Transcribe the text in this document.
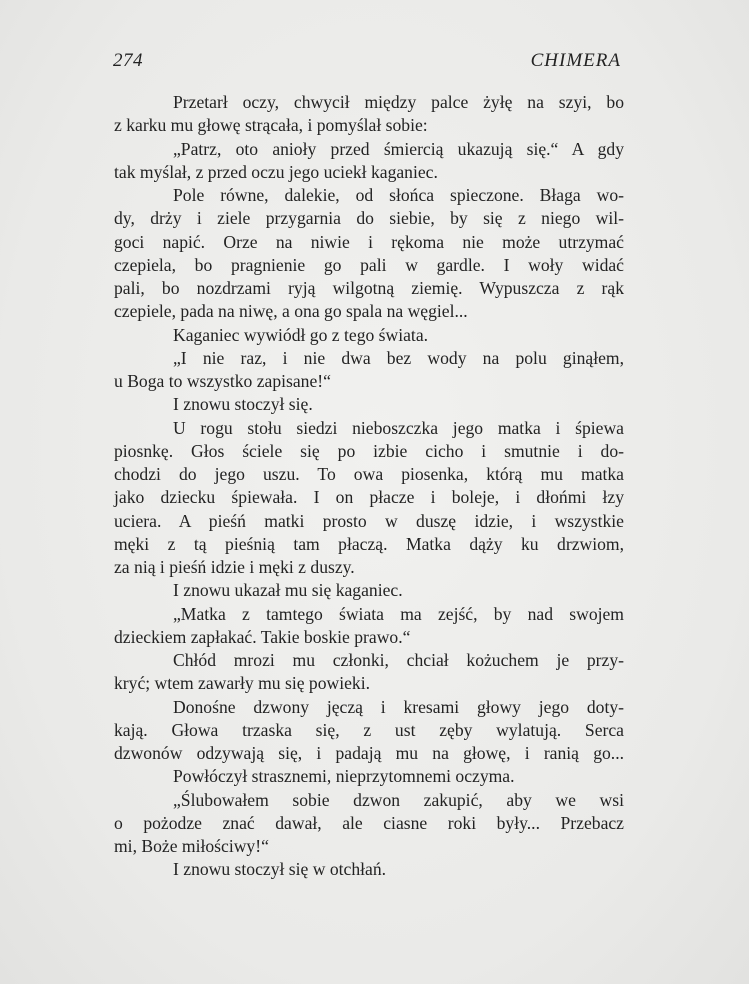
274	CHIMERA
Przetarł oczy, chwycił między palce żyłę na szyi, bo
z karku mu głowę strącała, i pomyślał sobie:
„Patrz, oto anioły przed śmiercią ukazują się.“ A gdy
tak myślał, z przed oczu jego uciekł kaganiec.
Pole równe, dalekie, od słońca spieczone. Błaga wo-
dy, drży i ziele przygarnia do siebie, by się z niego wil-
goci napić. Orze na niwie i rękoma nie może utrzymać
czepiela, bo pragnienie go pali w gardle. I woły widać
pali, bo nozdrzami ryją wilgotną ziemię. Wypuszcza z rąk
czepiele, pada na niwę, a ona go spala na węgiel...
Kaganiec wywiódł go z tego świata.
„I nie raz, i nie dwa bez wody na polu ginąłem,
u Boga to wszystko zapisane!“
I znowu stoczył się.
U rogu stołu siedzi nieboszczka jego matka i śpiewa
piosnkę. Głos ściele się po izbie cicho i smutnie i do-
chodzi do jego uszu. To owa piosenka, którą mu matka
jako dziecku śpiewała. I on płacze i boleje, i dłońmi łzy
uciera. A pieśń matki prosto w duszę idzie, i wszystkie
męki z tą pieśnią tam płaczą. Matka dąży ku drzwiom,
za nią i pieśń idzie i męki z duszy.
I znowu ukazał mu się kaganiec.
„Matka z tamtego świata ma zejść, by nad swojem
dzieckiem zapłakać. Takie boskie prawo.“
Chłód mrozi mu członki, chciał kożuchem je przy-
kryć; wtem zawarły mu się powieki.
Donośne dzwony jęczą i kresami głowy jego doty-
kają. Głowa trzaska się, z ust zęby wylatują. Serca
dzwonów odzywają się, i padają mu na głowę, i ranią go...
Powłóczył strasznemi, nieprzytomnemi oczyma.
„Ślubowałem sobie dzwon zakupić, aby we wsi
o pożodze znać dawał, ale ciasne roki były... Przebacz
mi, Boże miłościwy!“
I znowu stoczył się w otchłań.
